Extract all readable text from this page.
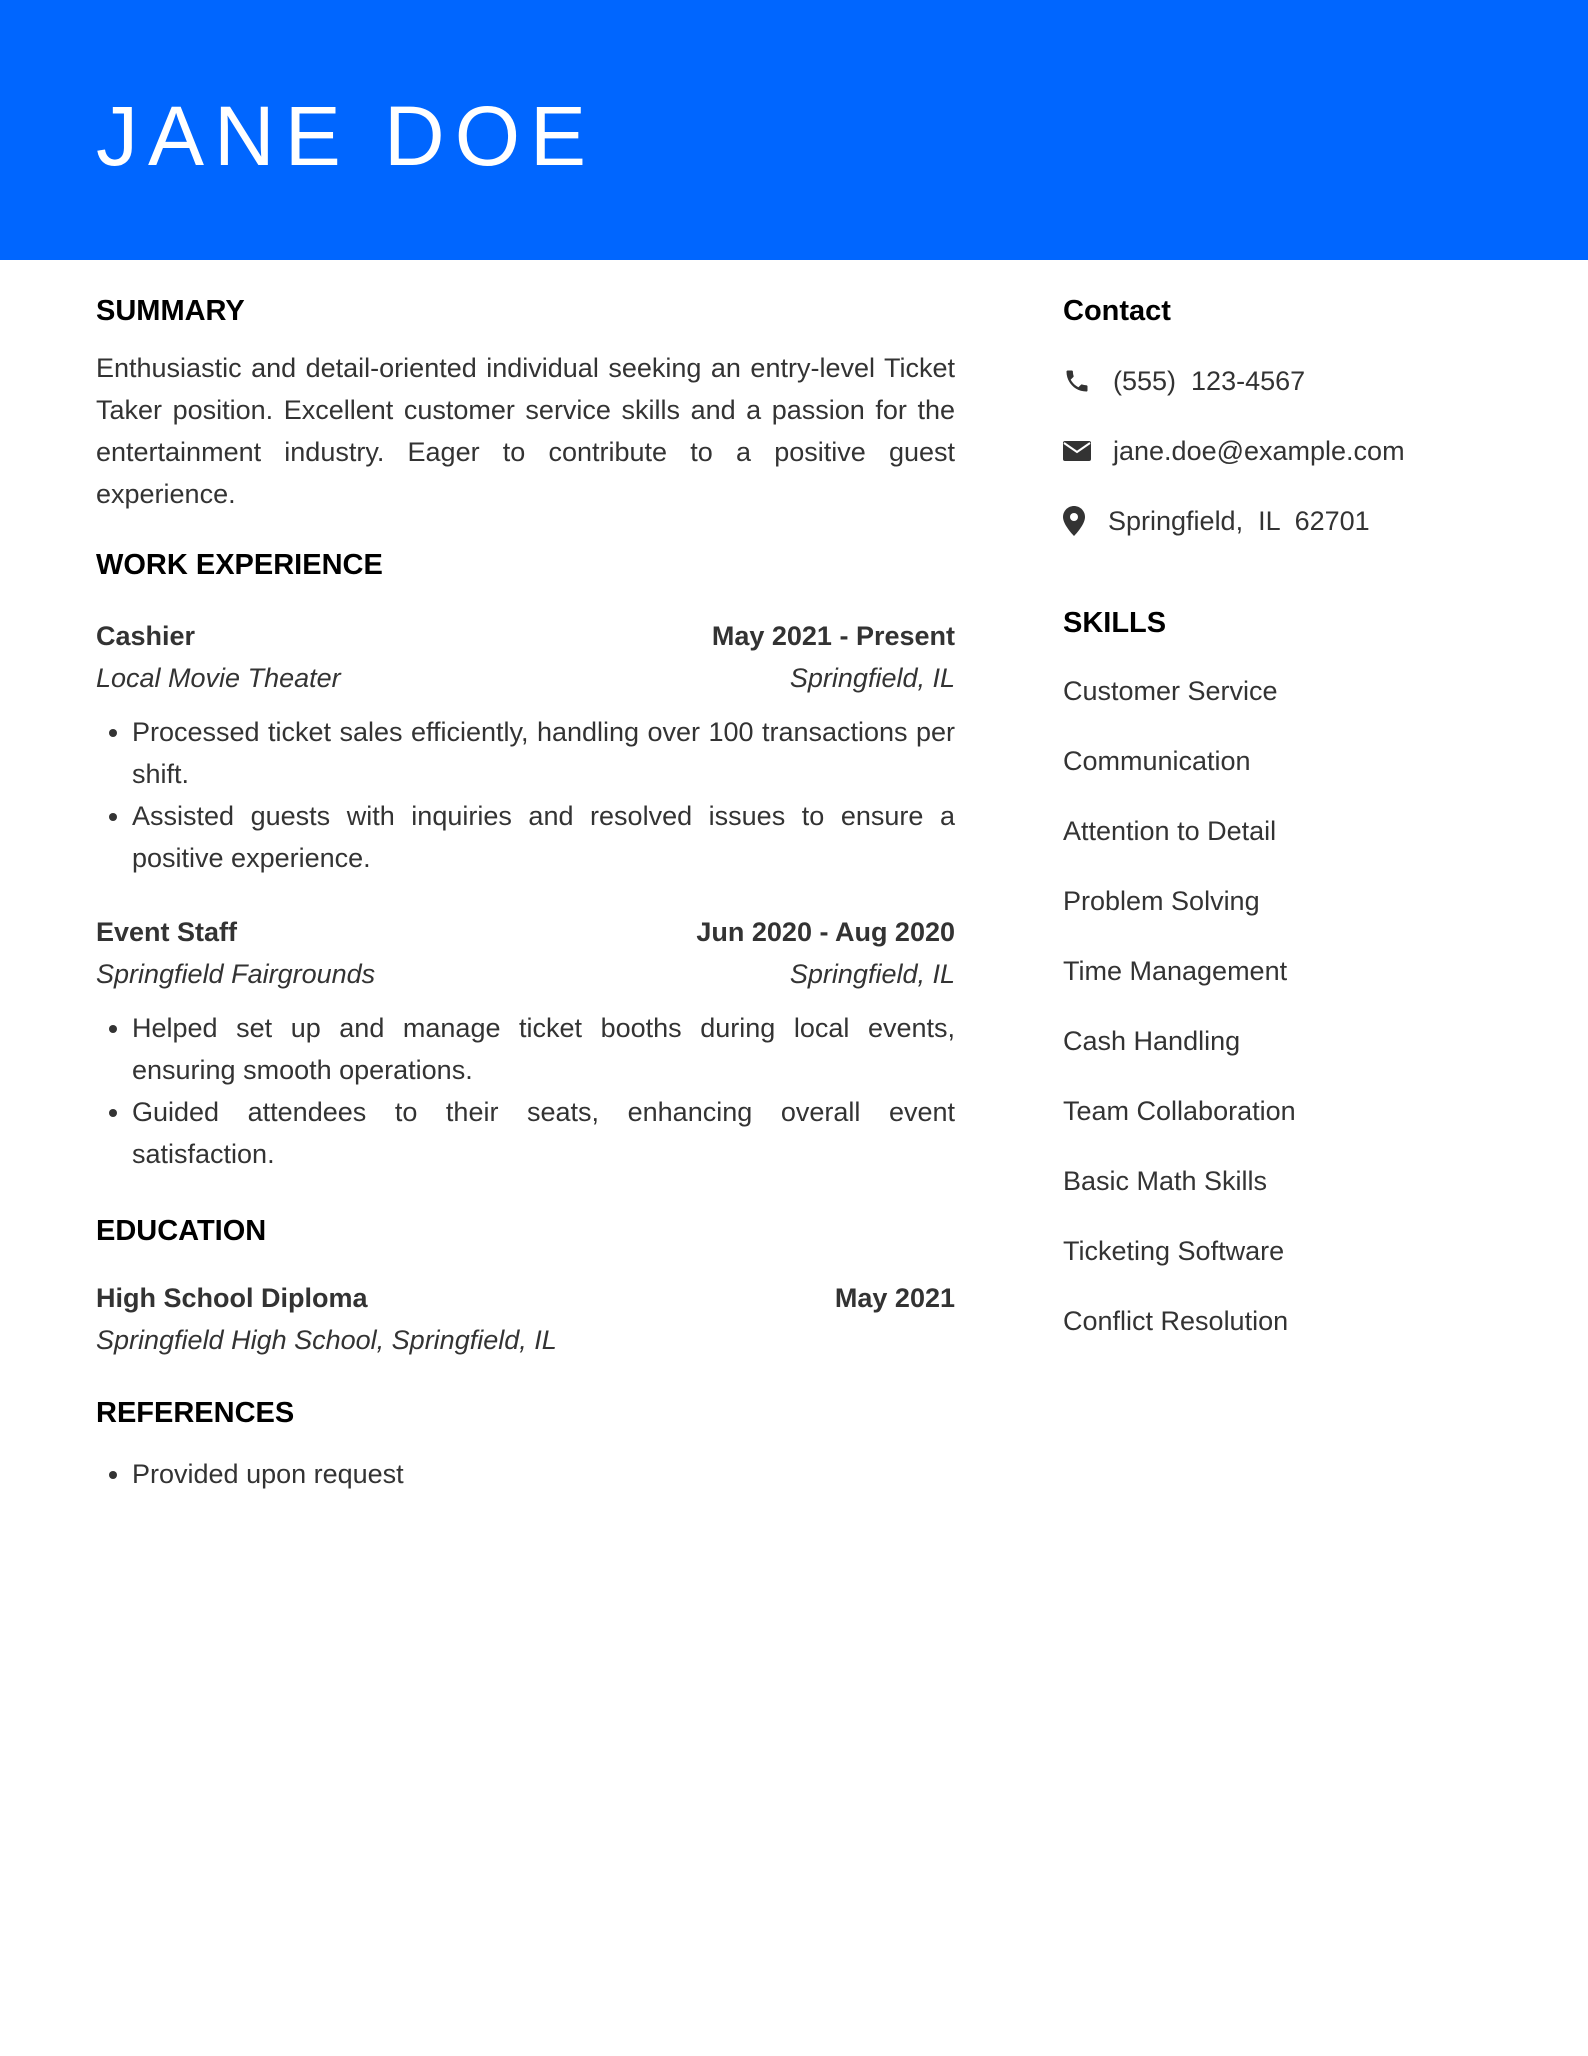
JANE DOE
SUMMARY

Enthusiastic and detail-oriented individual seeking an entry-level Ticket Taker position. Excellent customer service skills and a passion for the entertainment industry. Eager to contribute to a positive guest experience.

WORK EXPERIENCE
Cashier	May 2021 - Present
Local Movie Theater	Springfield, IL
• Processed ticket sales efficiently, handling over 100 transactions per shift.
• Assisted guests with inquiries and resolved issues to ensure a positive experience.
Event Staff	Jun 2020 - Aug 2020
Springfield Fairgrounds	Springfield, IL
• Helped set up and manage ticket booths during local events, ensuring smooth operations.
• Guided attendees to their seats, enhancing overall event satisfaction.
EDUCATION
High School Diploma	May 2021
Springfield High School, Springfield, IL
REFERENCES
• Provided upon request
Contact
(555)  123-4567
jane.doe@example.com
Springfield,  IL  62701
SKILLS
Customer Service
Communication
Attention to Detail
Problem Solving
Time Management
Cash Handling
Team Collaboration
Basic Math Skills
Ticketing Software
Conflict Resolution
